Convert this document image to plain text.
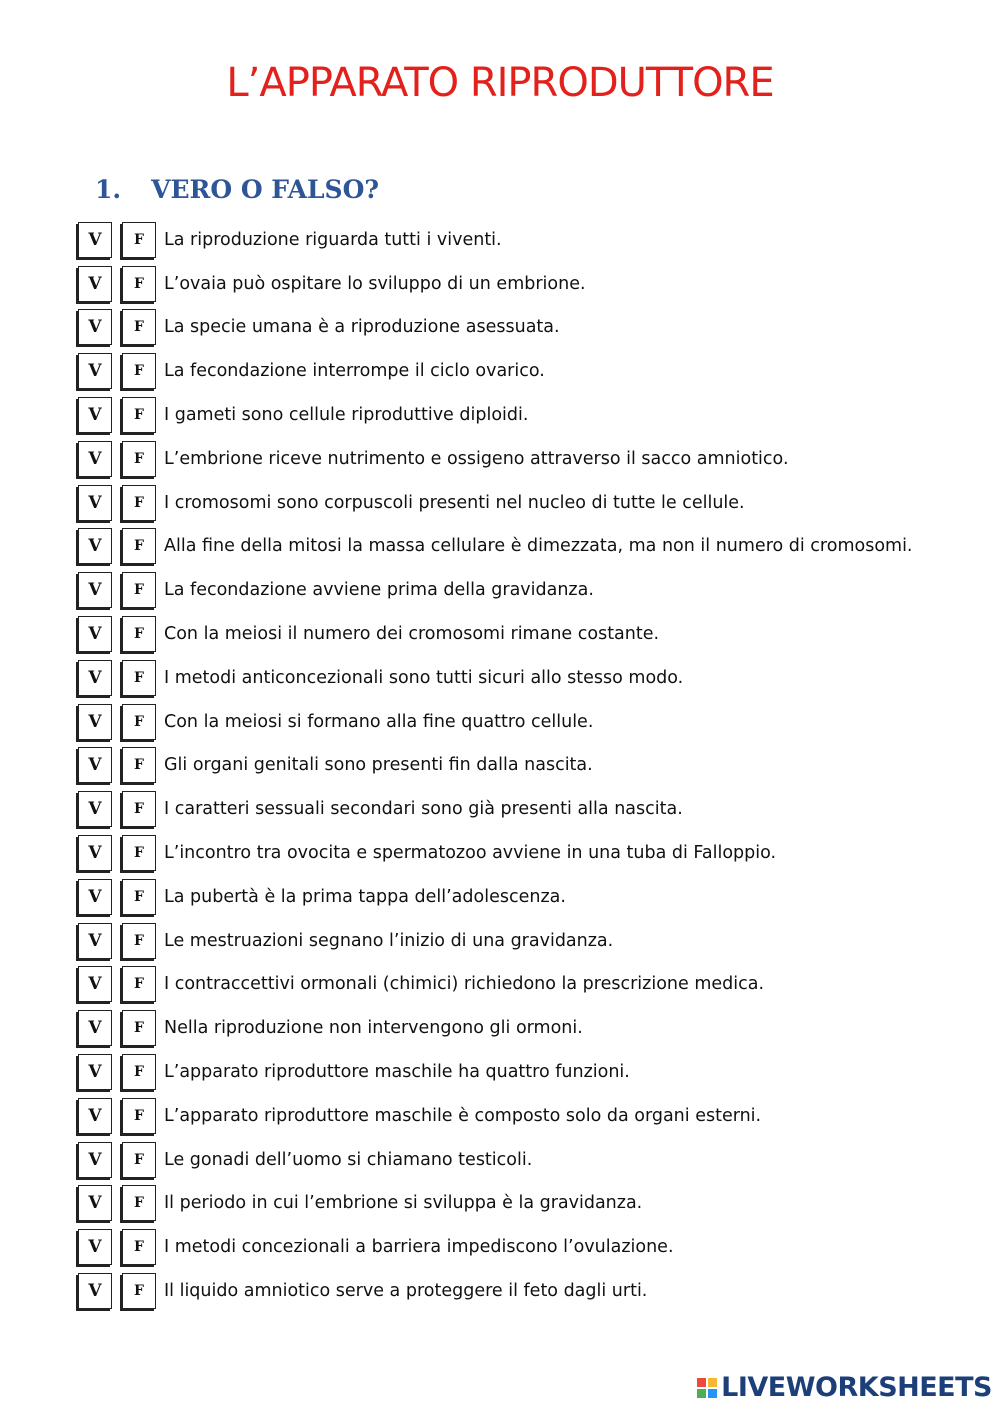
L’APPARATO RIPRODUTTORE
1. VERO O FALSO?
V	F	La riproduzione riguarda tutti i viventi.
V	F	L’ovaia può ospitare lo sviluppo di un embrione.
V	F	La specie umana è a riproduzione asessuata.
V	F	La fecondazione interrompe il ciclo ovarico.
V	F	I gameti sono cellule riproduttive diploidi.
V	F	L’embrione riceve nutrimento e ossigeno attraverso il sacco amniotico.
V	F	I cromosomi sono corpuscoli presenti nel nucleo di tutte le cellule.
V	F	Alla fine della mitosi la massa cellulare è dimezzata, ma non il numero di cromosomi.
V	F	La fecondazione avviene prima della gravidanza.
V	F	Con la meiosi il numero dei cromosomi rimane costante.
V	F	I metodi anticoncezionali sono tutti sicuri allo stesso modo.
V	F	Con la meiosi si formano alla fine quattro cellule.
V	F	Gli organi genitali sono presenti fin dalla nascita.
V	F	I caratteri sessuali secondari sono già presenti alla nascita.
V	F	L’incontro tra ovocita e spermatozoo avviene in una tuba di Falloppio.
V	F	La pubertà è la prima tappa dell’adolescenza.
V	F	Le mestruazioni segnano l’inizio di una gravidanza.
V	F	I contraccettivi ormonali (chimici) richiedono la prescrizione medica.
V	F	Nella riproduzione non intervengono gli ormoni.
V	F	L’apparato riproduttore maschile ha quattro funzioni.
V	F	L’apparato riproduttore maschile è composto solo da organi esterni.
V	F	Le gonadi dell’uomo si chiamano testicoli.
V	F	Il periodo in cui l’embrione si sviluppa è la gravidanza.
V	F	I metodi concezionali a barriera impediscono l’ovulazione.
V	F	Il liquido amniotico serve a proteggere il feto dagli urti.
LIVEWORKSHEETS
